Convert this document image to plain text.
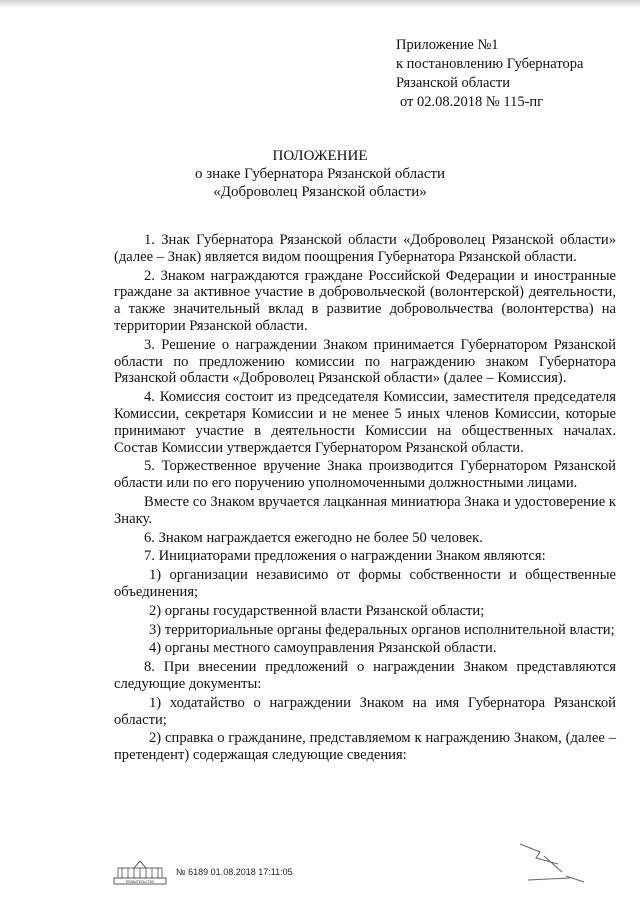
Приложение №1
к постановлению Губернатора
Рязанской области
от 02.08.2018 № 115-пг
ПОЛОЖЕНИЕ
о знаке Губернатора Рязанской области
«Доброволец Рязанской области»

1. Знак Губернатора Рязанской области «Доброволец Рязанской области» (далее – Знак) является видом поощрения Губернатора Рязанской области.

2. Знаком награждаются граждане Российской Федерации и иностранные граждане за активное участие в добровольческой (волонтерской) деятельности, а также значительный вклад в развитие добровольчества (волонтерства) на территории Рязанской области.

3. Решение о награждении Знаком принимается Губернатором Рязанской области по предложению комиссии по награждению знаком Губернатора Рязанской области «Доброволец Рязанской области» (далее – Комиссия).

4. Комиссия состоит из председателя Комиссии, заместителя председателя Комиссии, секретаря Комиссии и не менее 5 иных членов Комиссии, которые принимают участие в деятельности Комиссии на общественных началах. Состав Комиссии утверждается Губернатором Рязанской области.

5. Торжественное вручение Знака производится Губернатором Рязанской области или по его поручению уполномоченными должностными лицами.

Вместе со Знаком вручается лацканная миниатюра Знака и удостоверение к Знаку.

6. Знаком награждается ежегодно не более 50 человек.

7. Инициаторами предложения о награждении Знаком являются:

1) организации независимо от формы собственности и общественные объединения;

2) органы государственной власти Рязанской области;

3) территориальные органы федеральных органов исполнительной власти;

4) органы местного самоуправления Рязанской области.

8. При внесении предложений о награждении Знаком представляются следующие документы:

1) ходатайство о награждении Знаком на имя Губернатора Рязанской области;

2) справка о гражданине, представляемом к награждению Знаком, (далее – претендент) содержащая следующие сведения:

ПРАВИТЕЛЬСТВО
№ 6189 01.08.2018 17:11:05
